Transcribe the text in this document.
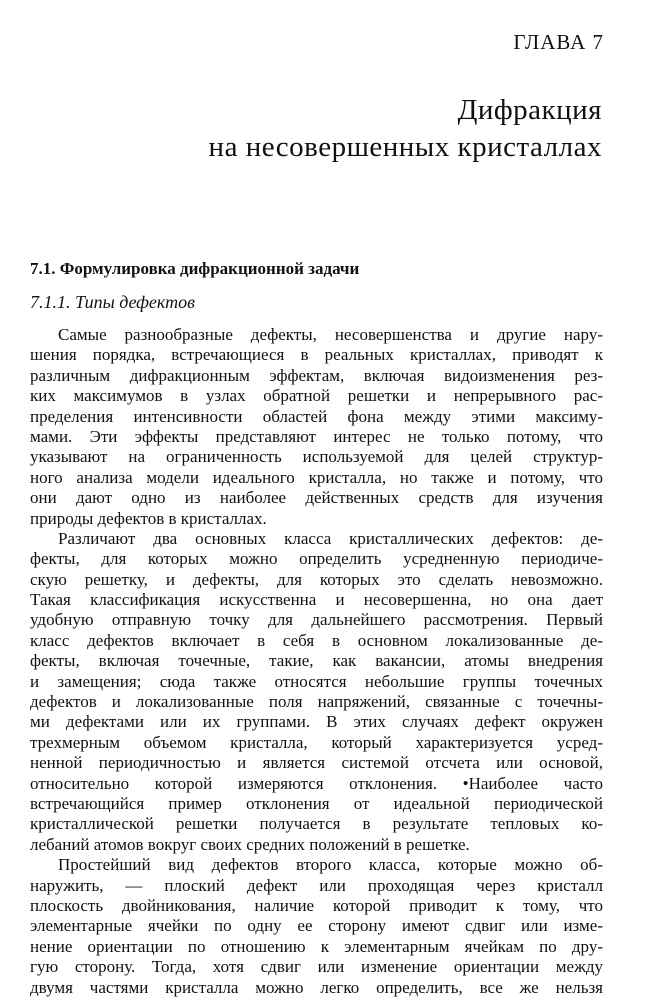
ГЛАВА 7
Дифракция
на несовершенных кристаллах
7.1. Формулировка дифракционной задачи
7.1.1. Типы дефектов
Самые разнообразные дефекты, несовершенства и другие нару-
шения порядка, встречающиеся в реальных кристаллах, приводят к
различным дифракционным эффектам, включая видоизменения рез-
ких максимумов в узлах обратной решетки и непрерывного рас-
пределения интенсивности областей фона между этими максиму-
мами. Эти эффекты представляют интерес не только потому, что
указывают на ограниченность используемой для целей структур-
ного анализа модели идеального кристалла, но также и потому, что
они дают одно из наиболее действенных средств для изучения
природы дефектов в кристаллах.
Различают два основных класса кристаллических дефектов: де-
фекты, для которых можно определить усредненную периодиче-
скую решетку, и дефекты, для которых это сделать невозможно.
Такая классификация искусственна и несовершенна, но она дает
удобную отправную точку для дальнейшего рассмотрения. Первый
класс дефектов включает в себя в основном локализованные де-
фекты, включая точечные, такие, как вакансии, атомы внедрения
и замещения; сюда также относятся небольшие группы точечных
дефектов и локализованные поля напряжений, связанные с точечны-
ми дефектами или их группами. В этих случаях дефект окружен
трехмерным объемом кристалла, который характеризуется усред-
ненной периодичностью и является системой отсчета или основой,
относительно которой измеряются отклонения. •Наиболее часто
встречающийся пример отклонения от идеальной периодической
кристаллической решетки получается в результате тепловых ко-
лебаний атомов вокруг своих средних положений в решетке.
Простейший вид дефектов второго класса, которые можно об-
наружить, — плоский дефект или проходящая через кристалл
плоскость двойникования, наличие которой приводит к тому, что
элементарные ячейки по одну ее сторону имеют сдвиг или изме-
нение ориентации по отношению к элементарным ячейкам по дру-
гую сторону. Тогда, хотя сдвиг или изменение ориентации между
двумя частями кристалла можно легко определить, все же нельзя
